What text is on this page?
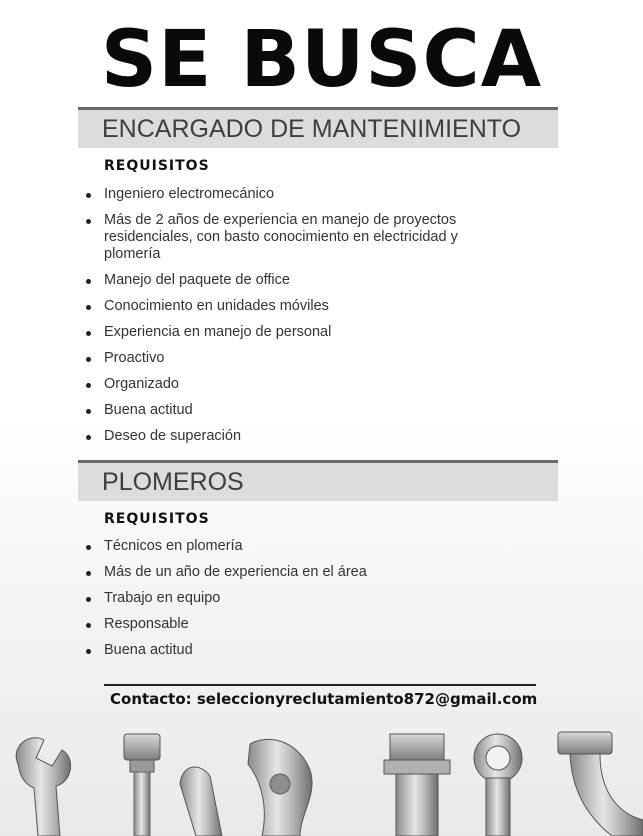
SE BUSCA
ENCARGADO DE MANTENIMIENTO

REQUISITOS

Ingeniero electromecánico
Más de 2 años de experiencia en manejo de proyectos residenciales, con basto conocimiento en electricidad y plomería
Manejo del paquete de office
Conocimiento en unidades móviles
Experiencia en manejo de personal
Proactivo
Organizado
Buena actitud
Deseo de superación
PLOMEROS

REQUISITOS

Técnicos en plomería
Más de un año de experiencia en el área
Trabajo en equipo
Responsable
Buena actitud
Contacto: seleccionyreclutamiento872@gmail.com
